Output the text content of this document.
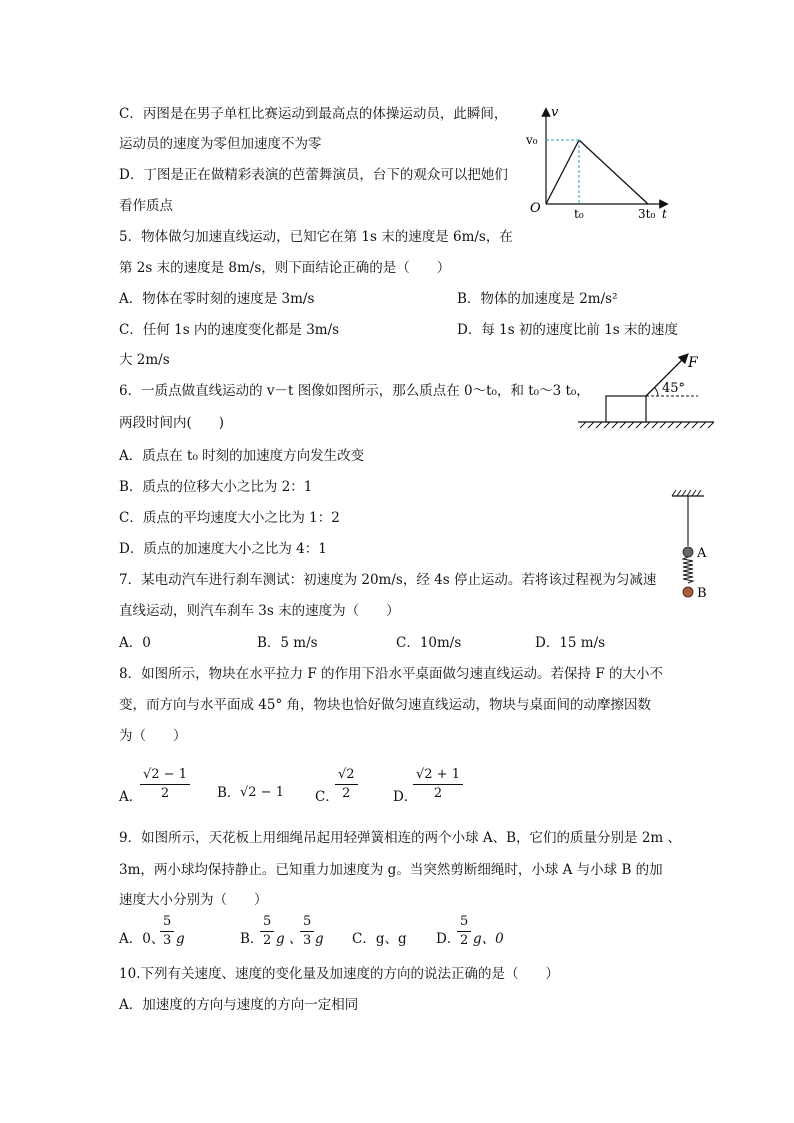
C．丙图是在男子单杠比赛运动到最高点的体操运动员，此瞬间，
运动员的速度为零但加速度不为零
D．丁图是正在做精彩表演的芭蕾舞演员，台下的观众可以把她们
看作质点
v
v₀
O	t₀	3t₀ t
5．物体做匀加速直线运动，已知它在第 1s 末的速度是 6m/s，在
第 2s 末的速度是 8m/s，则下面结论正确的是（　　）
A．物体在零时刻的速度是 3m/s	B．物体的加速度是 2m/s²
C．任何 1s 内的速度变化都是 3m/s	D．每 1s 初的速度比前 1s 末的速度
大 2m/s	F
45°
6．一质点做直线运动的 v－t 图像如图所示，那么质点在 0～t₀，和 t₀～3 t₀，
两段时间内(　　)
A．质点在 t₀ 时刻的加速度方向发生改变
B．质点的位移大小之比为 2：1
C．质点的平均速度大小之比为 1：2
D．质点的加速度大小之比为 4：1	A
B
7．某电动汽车进行刹车测试：初速度为 20m/s，经 4s 停止运动。若将该过程视为匀减速
直线运动，则汽车刹车 3s 末的速度为（　　）
A．0	B．5 m/s	C．10m/s	D．15 m/s
8．如图所示，物块在水平拉力 F 的作用下沿水平桌面做匀速直线运动。若保持 F 的大小不
变，而方向与水平面成 45° 角，物块也恰好做匀速直线运动，物块与桌面间的动摩擦因数
为（　　）
A．
$\frac{√2 - 1}{2}$ B． √2 − 1 C．
$\frac{√2}{2}$	D．
$\frac{√2 + 1}{2}$
9．如图所示，天花板上用细绳吊起用轻弹簧相连的两个小球 A、B，它们的质量分别是 2m 、
3m，两小球均保持静止。已知重力加速度为 g。当突然剪断细绳时，小球 A 与小球 B 的加
速度大小分别为（　　）
A．0、
$\frac{5}{3}$ g	B．
$\frac{5}{2}$ g 、
$\frac{5}{3}$ g C．g、g D．
$\frac{5}{2}$ g、0
10.下列有关速度、速度的变化量及加速度的方向的说法正确的是（　　）
A．加速度的方向与速度的方向一定相同
